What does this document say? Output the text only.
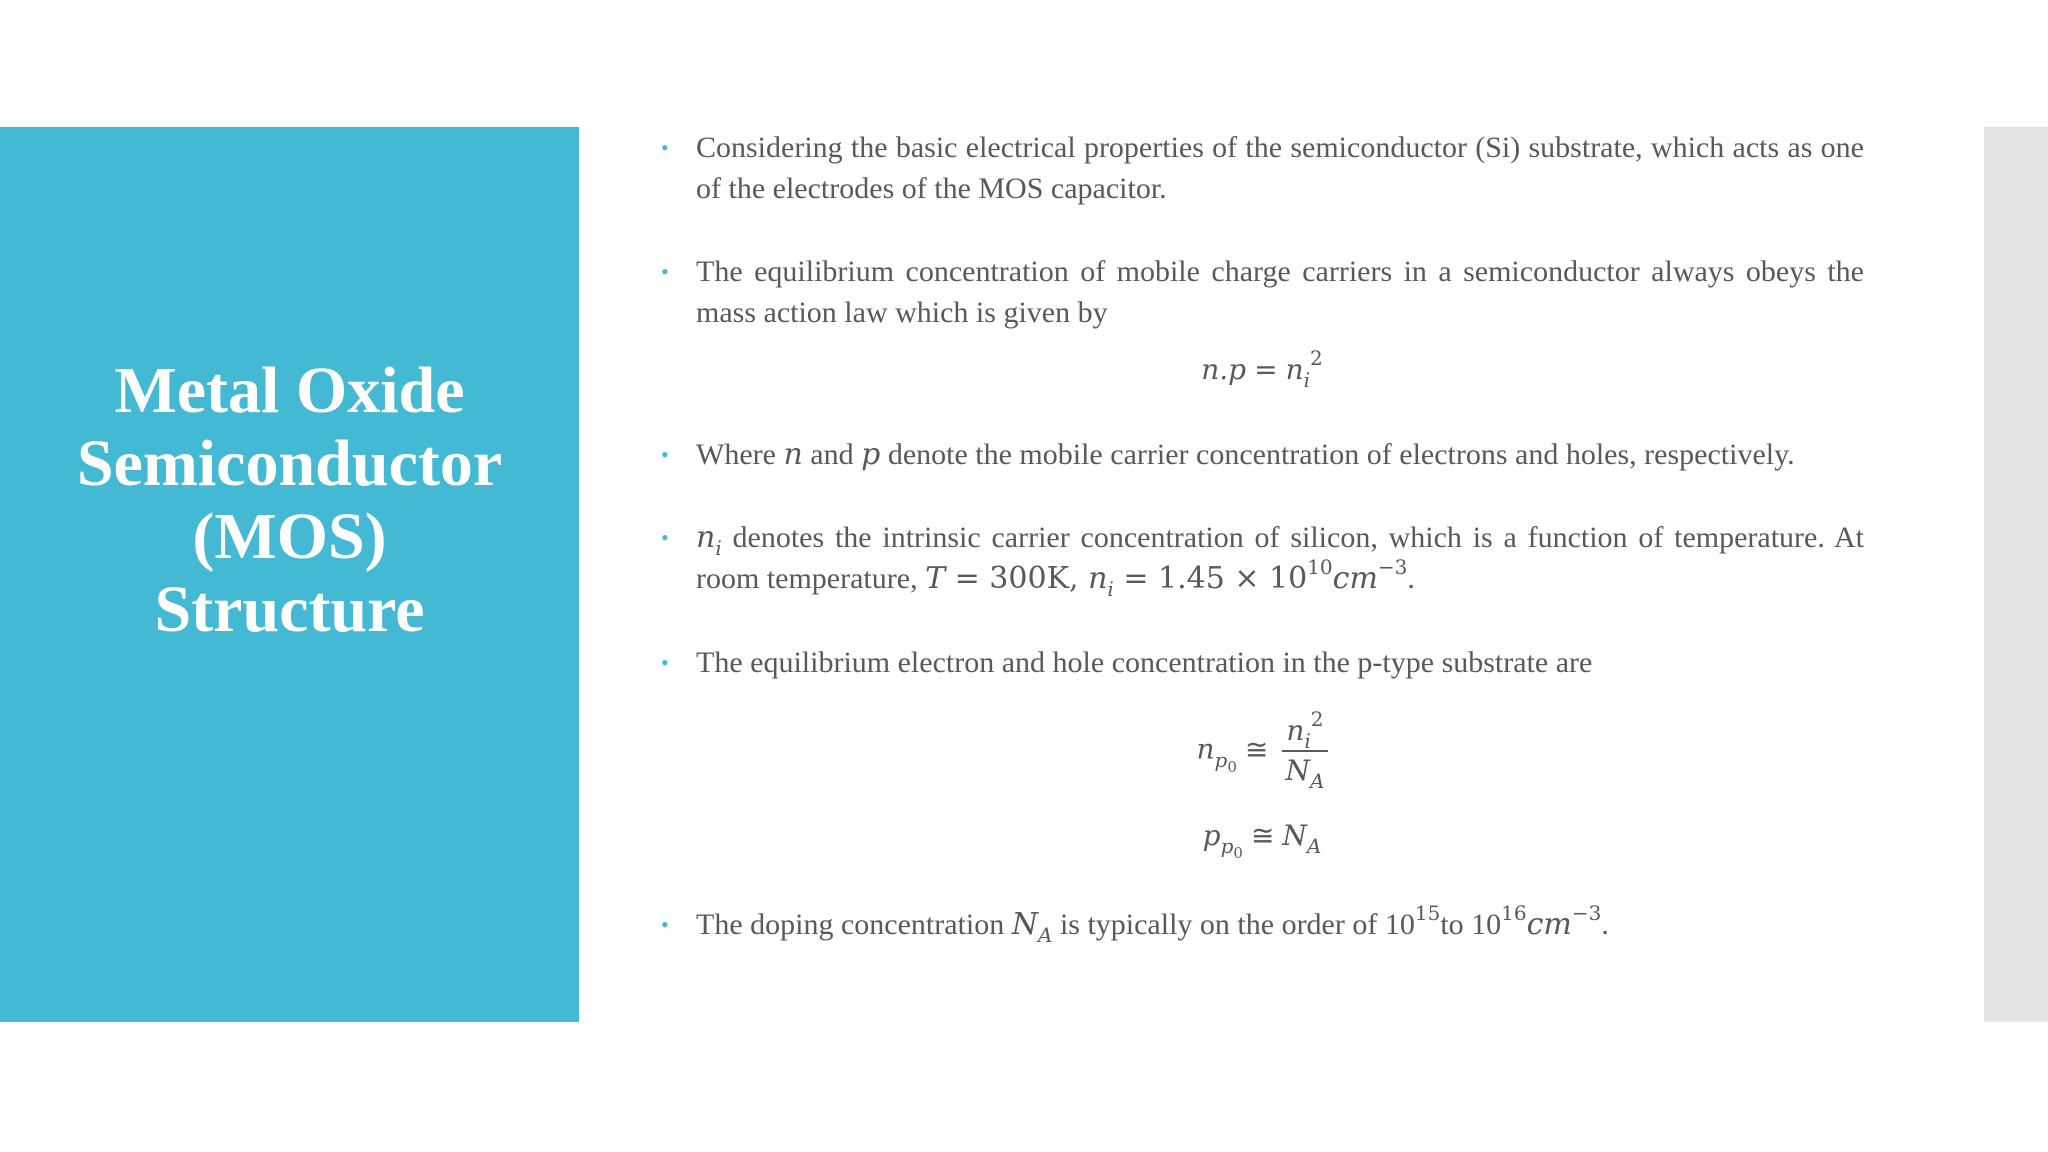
Metal Oxide
Semiconductor
(MOS)
Structure
• Considering the basic electrical properties of the semiconductor (Si) substrate, which acts as one of the electrodes of the MOS capacitor.
• The equilibrium concentration of mobile charge carriers in a semiconductor always obeys the mass action law which is given by
$n.p = n_i^2$
• Where n and p denote the mobile carrier concentration of electrons and holes, respectively.
• $n_i$ denotes the intrinsic carrier concentration of silicon, which is a function of temperature. At room temperature, T = 300K, $n_i = 1.45 \times 10^{10}cm^{-3}$.
• The equilibrium electron and hole concentration in the p-type substrate are
$n_{p_0}≅ \frac{n_i^2}{N_A}$
$p_{p_0}≅$ $N_A$
• The doping concentration $N_A$ is typically on the order of $10^{15}to$ $10^{16}cm^{-3}$.
